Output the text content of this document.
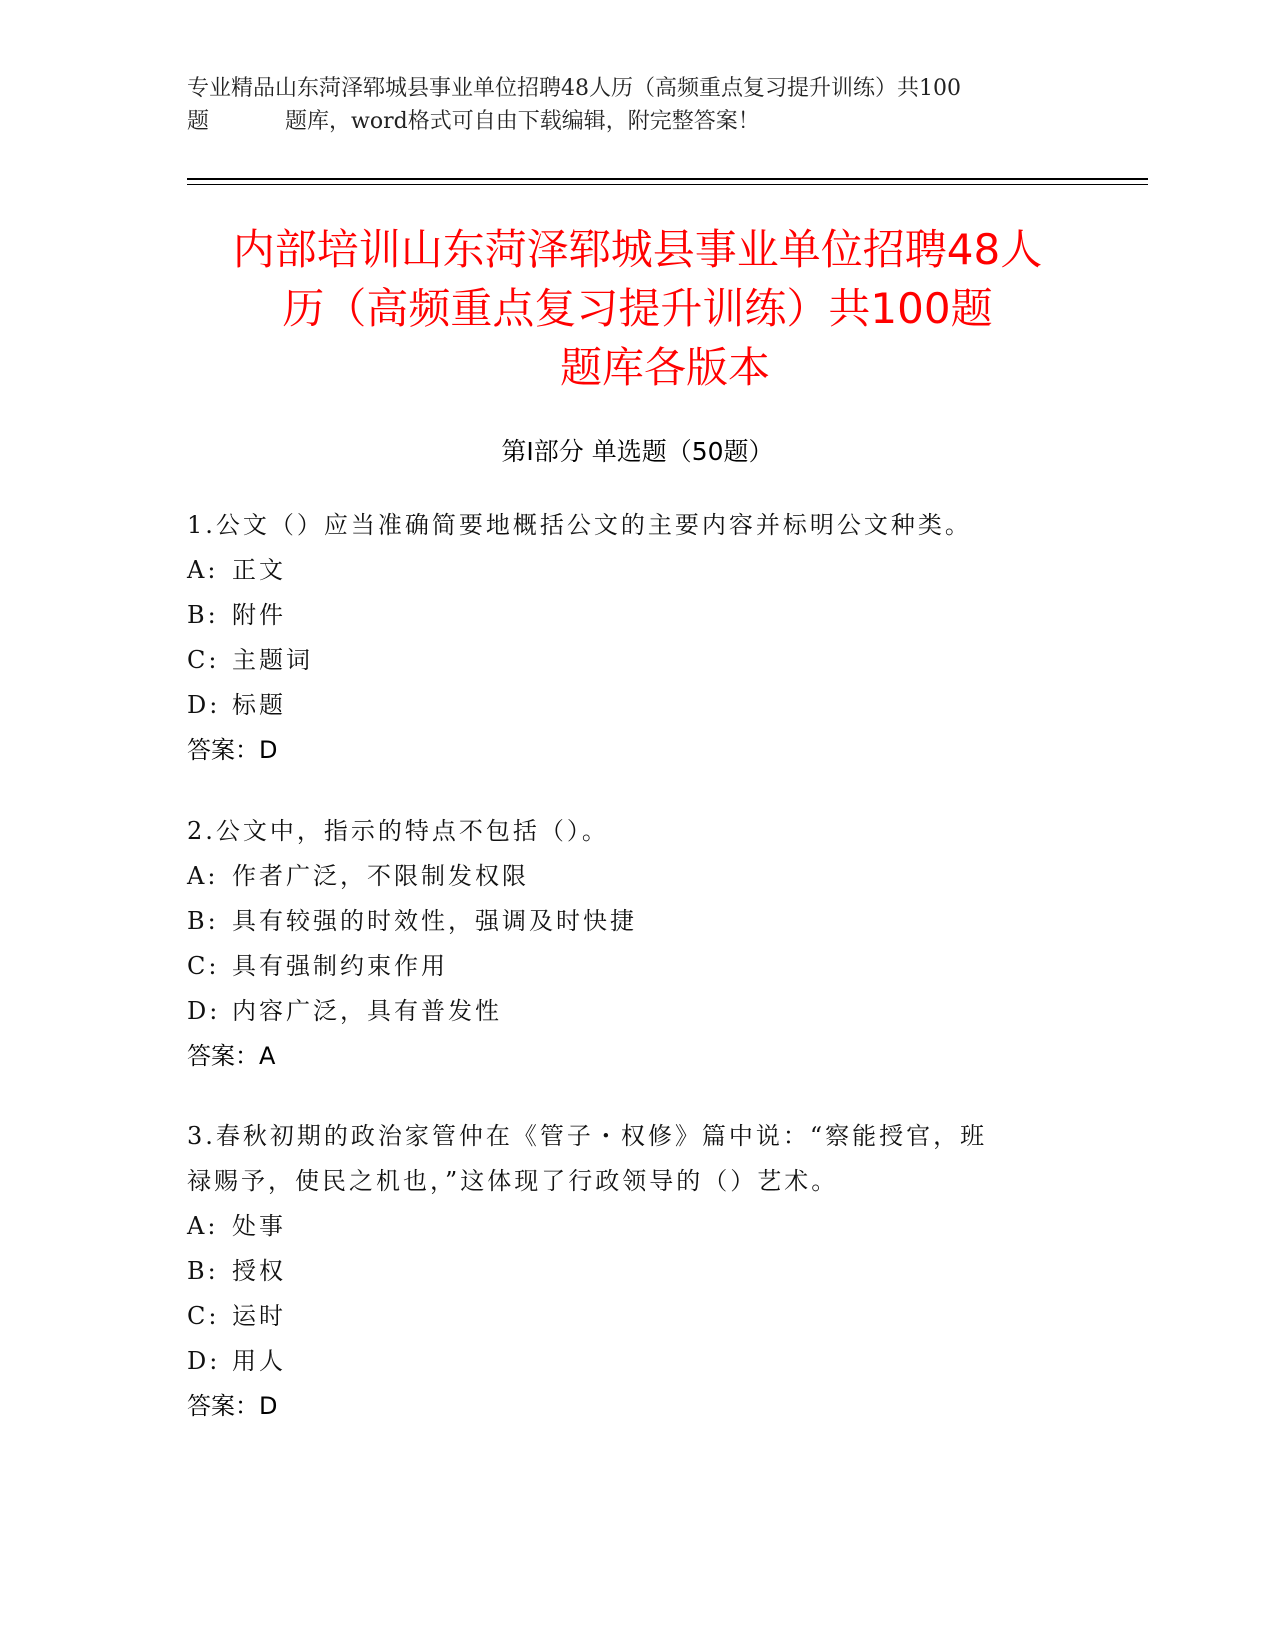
专业精品山东菏泽郓城县事业单位招聘48人历（高频重点复习提升训练）共100
题	题库，word格式可自由下载编辑，附完整答案！
内部培训山东菏泽郓城县事业单位招聘48人
历（高频重点复习提升训练）共100题
题库各版本
第Ⅰ部分 单选题（50题）
1.公文（）应当准确简要地概括公文的主要内容并标明公文种类。
A: 正文
B: 附件
C: 主题词
D: 标题
答案：D
2.公文中，指示的特点不包括（）。
A: 作者广泛，不限制发权限
B: 具有较强的时效性，强调及时快捷
C: 具有强制约束作用
D: 内容广泛，具有普发性
答案：A
3.春秋初期的政治家管仲在《管子・权修》篇中说：“察能授官，班
禄赐予，使民之机也，”这体现了行政领导的（）艺术。
A: 处事
B: 授权
C: 运时
D: 用人
答案：D
